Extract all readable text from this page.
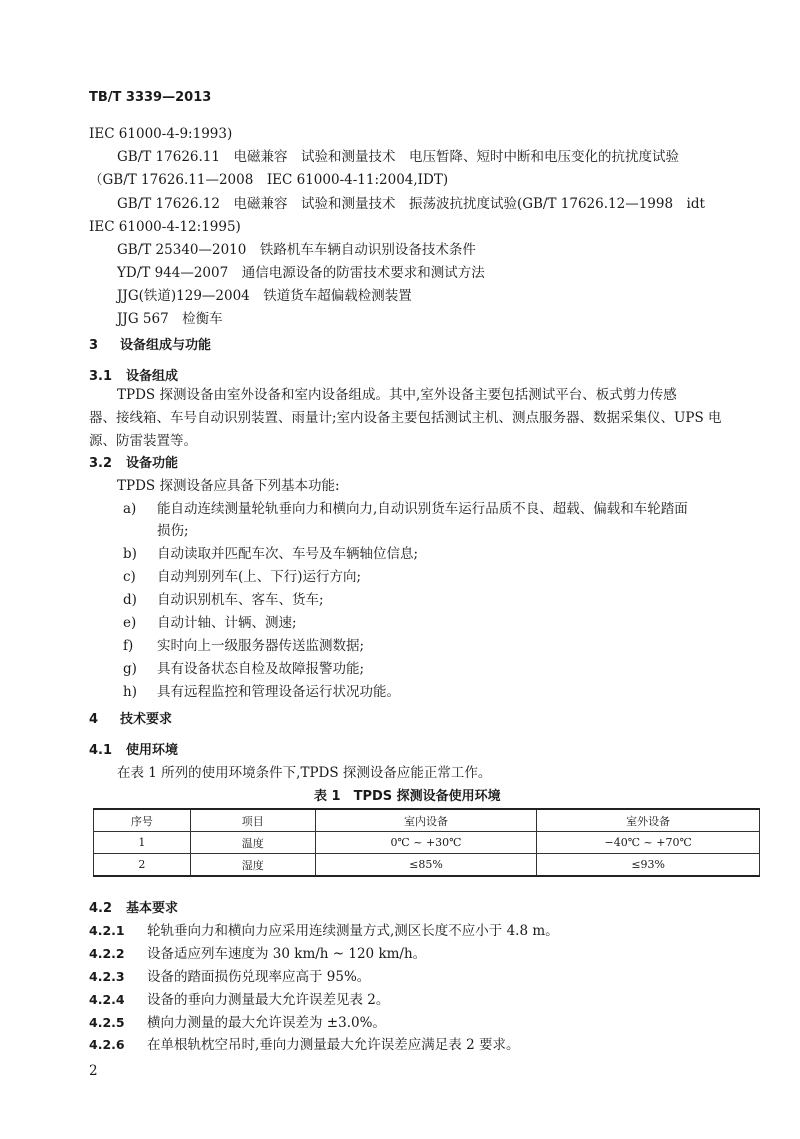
TB/T 3339—2013
IEC 61000-4-9:1993)
GB/T 17626.11　电磁兼容　试验和测量技术　电压暂降、短时中断和电压变化的抗扰度试验
（GB/T 17626.11—2008　IEC 61000-4-11:2004,IDT)
GB/T 17626.12　电磁兼容　试验和测量技术　振荡波抗扰度试验(GB/T 17626.12—1998　idt
IEC 61000-4-12:1995)
GB/T 25340—2010　铁路机车车辆自动识别设备技术条件
YD/T 944—2007　通信电源设备的防雷技术要求和测试方法
JJG(铁道)129—2004　铁道货车超偏载检测装置
JJG 567　检衡车
3 设备组成与功能
3.1 设备组成
TPDS 探测设备由室外设备和室内设备组成。其中,室外设备主要包括测试平台、板式剪力传感
器、接线箱、车号自动识别装置、雨量计;室内设备主要包括测试主机、测点服务器、数据采集仪、UPS 电
源、防雷装置等。
3.2 设备功能
TPDS 探测设备应具备下列基本功能:
a) 能自动连续测量轮轨垂向力和横向力,自动识别货车运行品质不良、超载、偏载和车轮踏面
损伤;
b) 自动读取并匹配车次、车号及车辆轴位信息;
c) 自动判别列车(上、下行)运行方向;
d) 自动识别机车、客车、货车;
e) 自动计轴、计辆、测速;
f) 实时向上一级服务器传送监测数据;
g) 具有设备状态自检及故障报警功能;
h) 具有远程监控和管理设备运行状况功能。
4 技术要求
4.1 使用环境
在表 1 所列的使用环境条件下,TPDS 探测设备应能正常工作。
表 1　TPDS 探测设备使用环境
序号	项目	室内设备	室外设备
1	温度	0℃ ~ +30℃	−40℃ ~ +70℃
2	湿度	≤85%	≤93%
4.2 基本要求
4.2.1 轮轨垂向力和横向力应采用连续测量方式,测区长度不应小于 4.8 m。
4.2.2 设备适应列车速度为 30 km/h ~ 120 km/h。
4.2.3 设备的踏面损伤兑现率应高于 95%。
4.2.4 设备的垂向力测量最大允许误差见表 2。
4.2.5 横向力测量的最大允许误差为 ±3.0%。
4.2.6 在单根轨枕空吊时,垂向力测量最大允许误差应满足表 2 要求。
2
